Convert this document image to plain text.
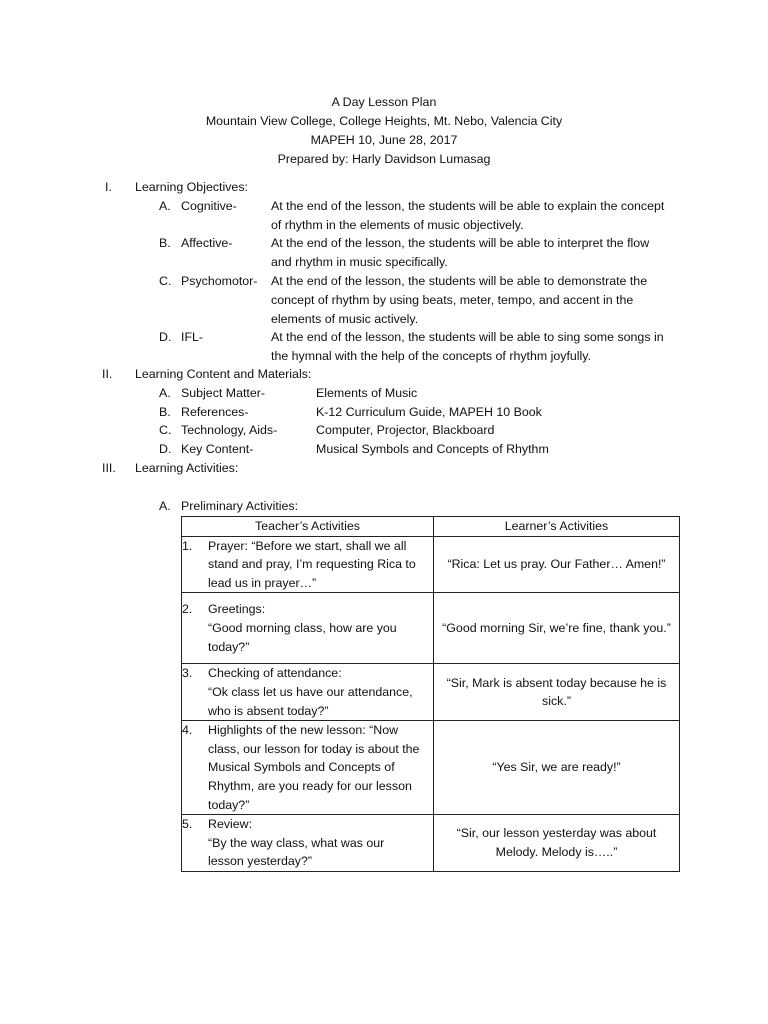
A Day Lesson Plan
Mountain View College, College Heights, Mt. Nebo, Valencia City
MAPEH 10, June 28, 2017
Prepared by: Harly Davidson Lumasag
I. Learning Objectives:
A. Cognitive-	At the end of the lesson, the students will be able to explain the concept
of rhythm in the elements of music objectively.
B. Affective-	At the end of the lesson, the students will be able to interpret the flow
and rhythm in music specifically.
C. Psychomotor- At the end of the lesson, the students will be able to demonstrate the
concept of rhythm by using beats, meter, tempo, and accent in the
elements of music actively.
D. IFL-	At the end of the lesson, the students will be able to sing some songs in
the hymnal with the help of the concepts of rhythm joyfully.
II. Learning Content and Materials:
A. Subject Matter-	Elements of Music
B. References-	K-12 Curriculum Guide, MAPEH 10 Book
C. Technology, Aids-	Computer, Projector, Blackboard
D. Key Content-	Musical Symbols and Concepts of Rhythm
III. Learning Activities:
A. Preliminary Activities:
Teacher’s Activities	Learner’s Activities

1. Prayer: “Before we start, shall we all
stand and pray, I’m requesting Rica to
lead us in prayer…”	“Rica: Let us pray. Our Father… Amen!”

2. Greetings:
“Good morning class, how are you
today?”	“Good morning Sir, we’re fine, thank you.”

3. Checking of attendance:
“Ok class let us have our attendance,
who is absent today?”	“Sir, Mark is absent today because he is sick.”

4. Highlights of the new lesson: “Now
class, our lesson for today is about the
Musical Symbols and Concepts of
Rhythm, are you ready for our lesson
today?”	“Yes Sir, we are ready!”

5. Review:
“By the way class, what was our
lesson yesterday?”	“Sir, our lesson yesterday was about Melody. Melody is…..”
